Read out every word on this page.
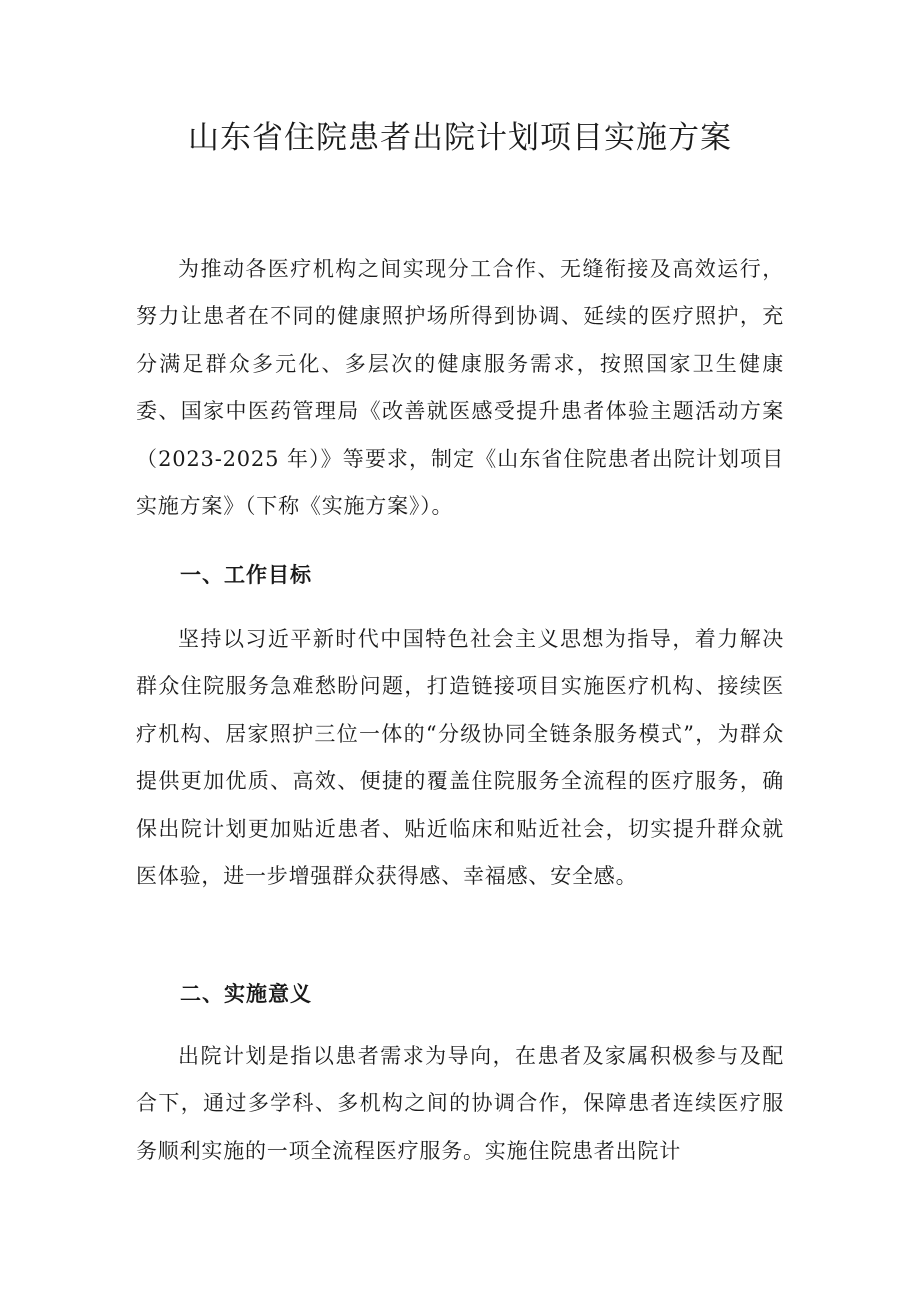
山东省住院患者出院计划项目实施方案

为推动各医疗机构之间实现分工合作、无缝衔接及高效运行，努力让患者在不同的健康照护场所得到协调、延续的医疗照护，充分满足群众多元化、多层次的健康服务需求，按照国家卫生健康委、国家中医药管理局《改善就医感受提升患者体验主题活动方案（2023-2025 年）》等要求，制定《山东省住院患者出院计划项目实施方案》（下称《实施方案》）。

一、工作目标

坚持以习近平新时代中国特色社会主义思想为指导，着力解决群众住院服务急难愁盼问题，打造链接项目实施医疗机构、接续医疗机构、居家照护三位一体的“分级协同全链条服务模式”，为群众提供更加优质、高效、便捷的覆盖住院服务全流程的医疗服务，确保出院计划更加贴近患者、贴近临床和贴近社会，切实提升群众就医体验，进一步增强群众获得感、幸福感、安全感。

二、实施意义

出院计划是指以患者需求为导向，在患者及家属积极参与及配合下，通过多学科、多机构之间的协调合作，保障患者连续医疗服务顺利实施的一项全流程医疗服务。实施住院患者出院计
